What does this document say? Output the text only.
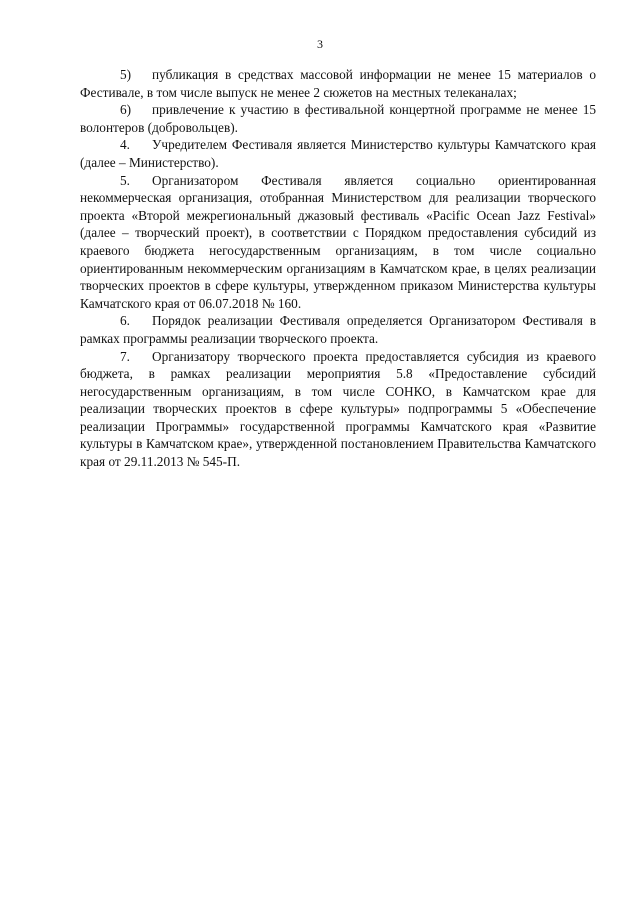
3

5) публикация в средствах массовой информации не менее 15 материалов о Фестивале, в том числе выпуск не менее 2 сюжетов на местных телеканалах;

6) привлечение к участию в фестивальной концертной программе не менее 15 волонтеров (добровольцев).

4. Учредителем Фестиваля является Министерство культуры Камчатского края (далее – Министерство).

5. Организатором Фестиваля является социально ориентированная некоммерческая организация, отобранная Министерством для реализации творческого проекта «Второй межрегиональный джазовый фестиваль «Pacific Ocean Jazz Festival» (далее – творческий проект), в соответствии с Порядком предоставления субсидий из краевого бюджета негосударственным организациям, в том числе социально ориентированным некоммерческим организациям в Камчатском крае, в целях реализации творческих проектов в сфере культуры, утвержденном приказом Министерства культуры Камчатского края от 06.07.2018 № 160.

6. Порядок реализации Фестиваля определяется Организатором Фестиваля в рамках программы реализации творческого проекта.

7. Организатору творческого проекта предоставляется субсидия из краевого бюджета, в рамках реализации мероприятия 5.8 «Предоставление субсидий негосударственным организациям, в том числе СОНКО, в Камчатском крае для реализации творческих проектов в сфере культуры» подпрограммы 5 «Обеспечение реализации Программы» государственной программы Камчатского края «Развитие культуры в Камчатском крае», утвержденной постановлением Правительства Камчатского края от 29.11.2013 № 545-П.
